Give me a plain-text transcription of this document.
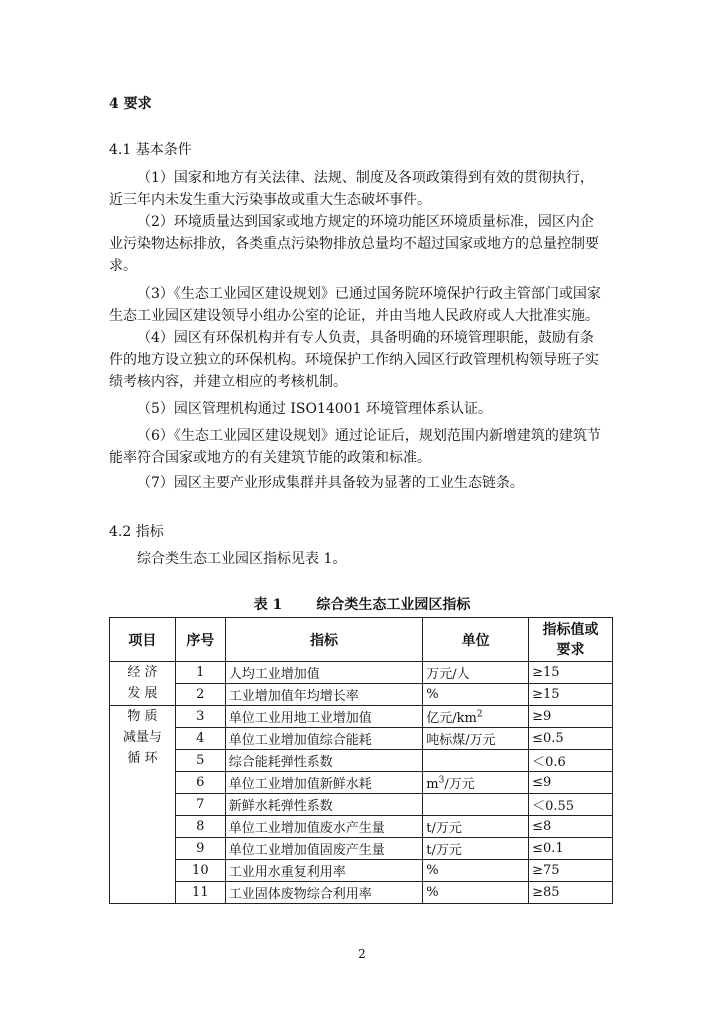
4 要求
4.1 基本条件
（1）国家和地方有关法律、法规、制度及各项政策得到有效的贯彻执行，
近三年内未发生重大污染事故或重大生态破坏事件。
（2）环境质量达到国家或地方规定的环境功能区环境质量标准，园区内企
业污染物达标排放，各类重点污染物排放总量均不超过国家或地方的总量控制要
求。
（3）《生态工业园区建设规划》已通过国务院环境保护行政主管部门或国家
生态工业园区建设领导小组办公室的论证，并由当地人民政府或人大批准实施。
（4）园区有环保机构并有专人负责，具备明确的环境管理职能，鼓励有条
件的地方设立独立的环保机构。环境保护工作纳入园区行政管理机构领导班子实
绩考核内容，并建立相应的考核机制。
（5）园区管理机构通过 ISO14001 环境管理体系认证。
（6）《生态工业园区建设规划》通过论证后，规划范围内新增建筑的建筑节
能率符合国家或地方的有关建筑节能的政策和标准。
（7）园区主要产业形成集群并具备较为显著的工业生态链条。
4.2 指标
综合类生态工业园区指标见表 1。
表 1       综合类生态工业园区指标
项目	序号	指标	单位	指标值或
要求

经 济
发 展	1	人均工业增加值	万元/人	≥15
	2	工业增加值年均增长率	%	≥15

物 质
减量与
循 环	3	单位工业用地工业增加值	亿元$/km^2$	≥9
	4	单位工业增加值综合能耗	吨标煤/万元	≤0.5
	5	综合能耗弹性系数		＜0.6
	6	单位工业增加值新鲜水耗	$m^3/$万元	≤9
	7	新鲜水耗弹性系数		＜0.55
	8	单位工业增加值废水产生量	t/万元	≤8
	9	单位工业增加值固废产生量	t/万元	≤0.1
	10	工业用水重复利用率	%	≥75
	11	工业固体废物综合利用率	%	≥85
2
